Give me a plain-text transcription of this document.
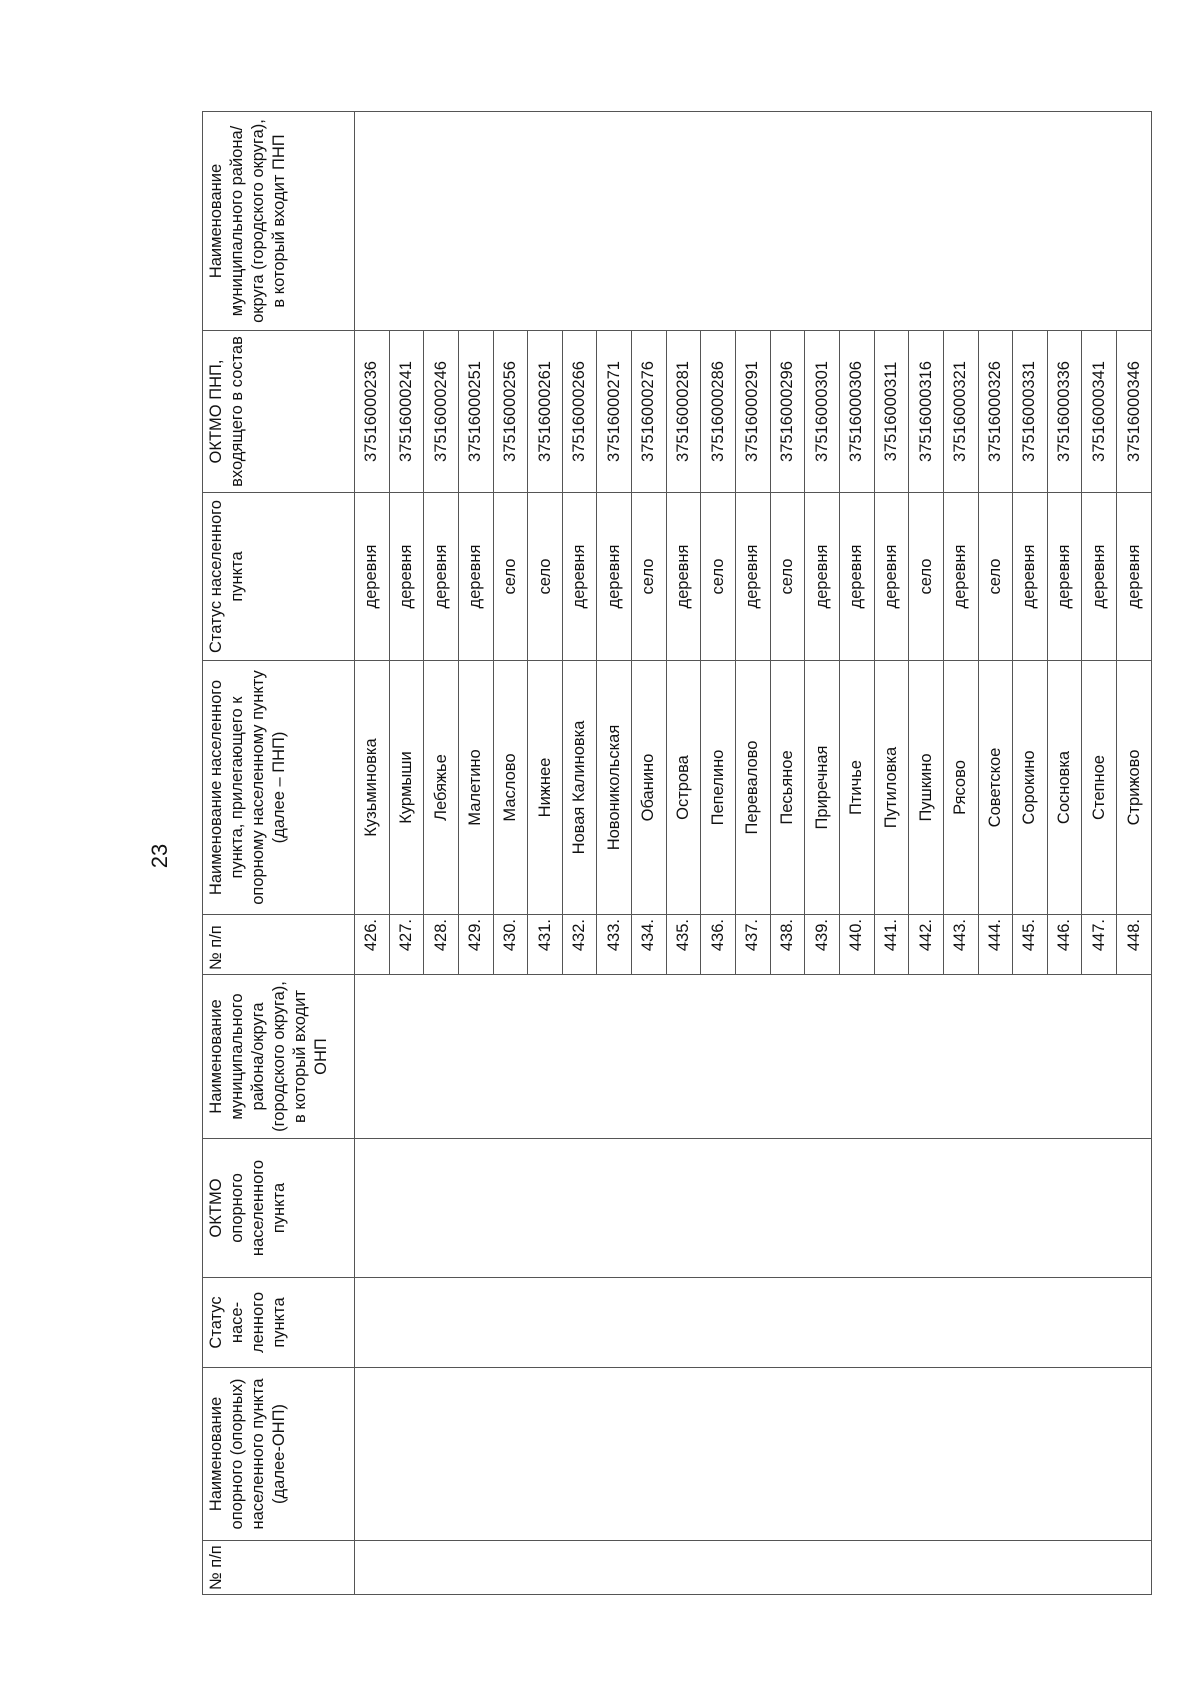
23
№ п/п	Наименование опорного (опорных) населенного пункта (далее-ОНП)	Статус насе-ленного пункта	ОКТМО опорного населенного пункта	Наименование муниципального района/округа (городского округа), в который входит ОНП	№ п/п	Наименование населенного пункта, прилегающего к опорному населенному пункту (далее – ПНП)	Статус населенного пункта	ОКТМО ПНП, входящего в состав	Наименование муниципального района/округа (городского округа), в который входит ПНП
					426.	Кузьминовка	деревня	37516000236	
					427.	Курмыши	деревня	37516000241	
					428.	Лебяжье	деревня	37516000246	
					429.	Малетино	деревня	37516000251	
					430.	Маслово	село	37516000256	
					431.	Нижнее	село	37516000261	
					432.	Новая Калиновка	деревня	37516000266	
					433.	Новоникольская	деревня	37516000271	
					434.	Обанино	село	37516000276	
					435.	Острова	деревня	37516000281	
					436.	Пепелино	село	37516000286	
					437.	Перевалово	деревня	37516000291	
					438.	Песьяное	село	37516000296	
					439.	Приречная	деревня	37516000301	
					440.	Птичье	деревня	37516000306	
					441.	Путиловка	деревня	37516000311	
					442.	Пушкино	село	37516000316	
					443.	Рясово	деревня	37516000321	
					444.	Советское	село	37516000326	
					445.	Сорокино	деревня	37516000331	
					446.	Сосновка	деревня	37516000336	
					447.	Степное	деревня	37516000341	
					448.	Стрижово	деревня	37516000346	
